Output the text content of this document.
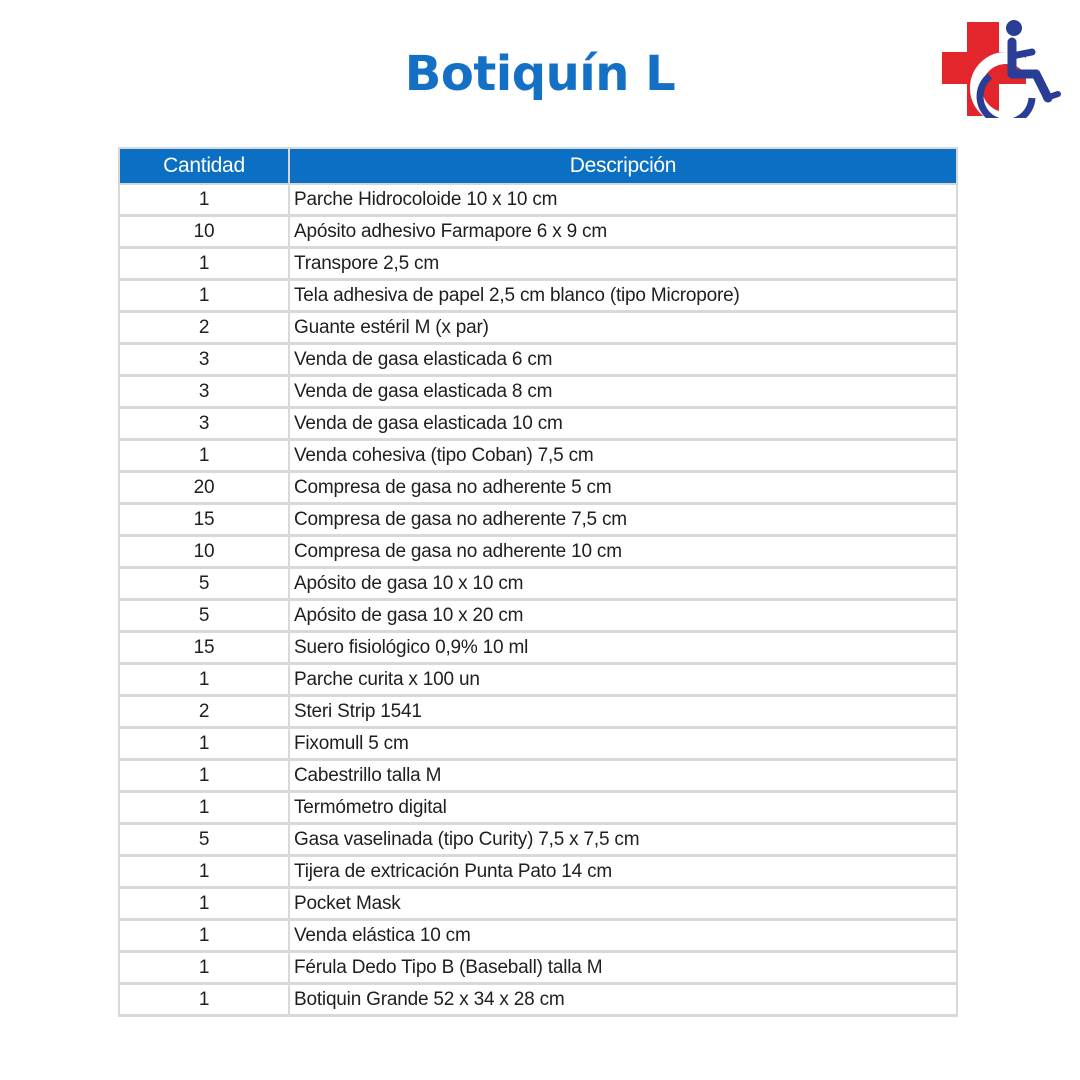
Botiquín L
Cantidad	Descripción
1	Parche Hidrocoloide 10 x 10 cm
10	Apósito adhesivo Farmapore 6 x 9 cm
1	Transpore 2,5 cm
1	Tela adhesiva de papel 2,5 cm blanco (tipo Micropore)
2	Guante estéril M (x par)
3	Venda de gasa elasticada 6 cm
3	Venda de gasa elasticada 8 cm
3	Venda de gasa elasticada 10 cm
1	Venda cohesiva (tipo Coban) 7,5 cm
20	Compresa de gasa no adherente 5 cm
15	Compresa de gasa no adherente 7,5 cm
10	Compresa de gasa no adherente 10 cm
5	Apósito de gasa 10 x 10 cm
5	Apósito de gasa 10 x 20 cm
15	Suero fisiológico 0,9% 10 ml
1	Parche curita x 100 un
2	Steri Strip 1541
1	Fixomull 5 cm
1	Cabestrillo talla M
1	Termómetro digital
5	Gasa vaselinada (tipo Curity) 7,5 x 7,5 cm
1	Tijera de extricación Punta Pato 14 cm
1	Pocket Mask
1	Venda elástica 10 cm
1	Férula Dedo Tipo B (Baseball) talla M
1	Botiquin Grande 52 x 34 x 28 cm
